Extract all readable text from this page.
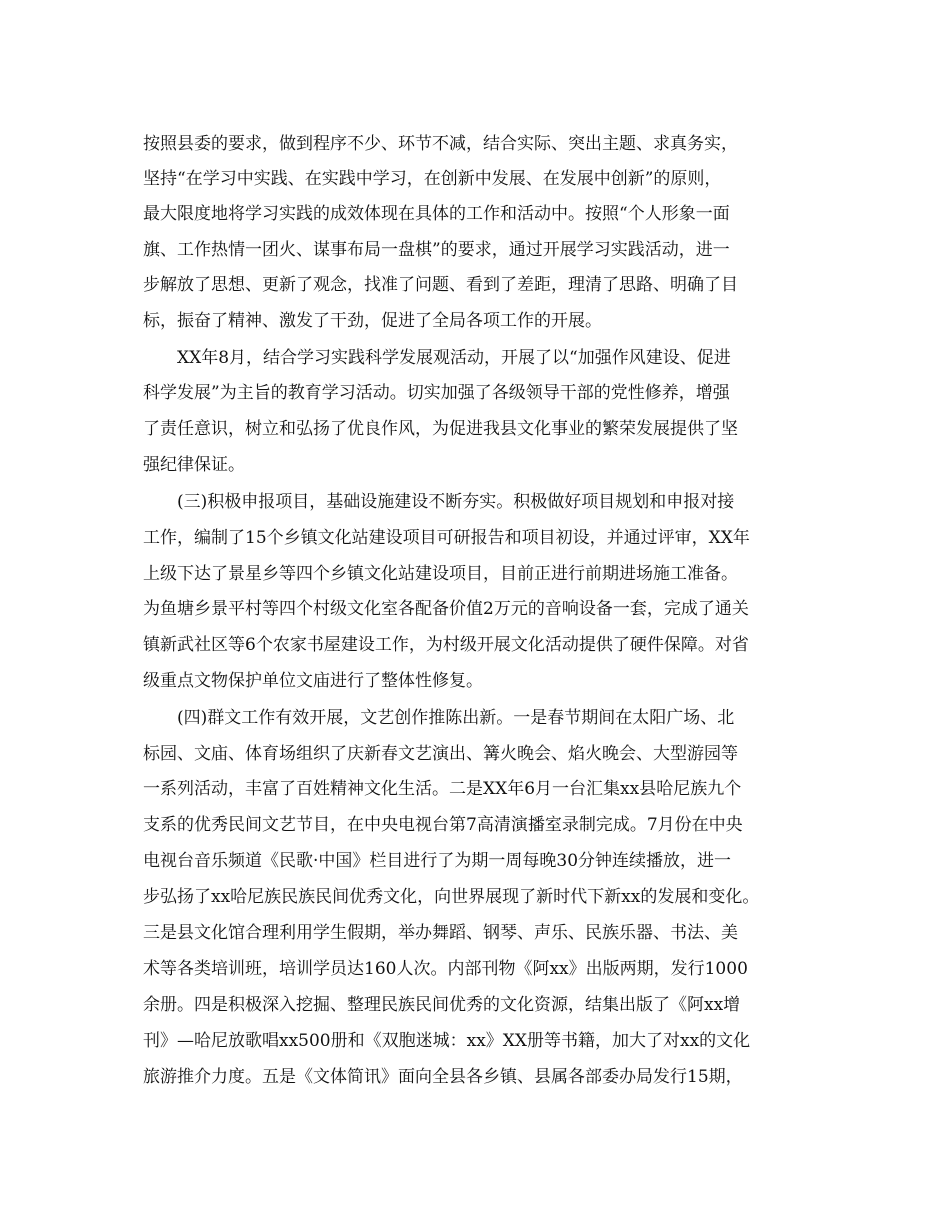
按照县委的要求，做到程序不少、环节不减，结合实际、突出主题、求真务实，
坚持“在学习中实践、在实践中学习，在创新中发展、在发展中创新”的原则，
最大限度地将学习实践的成效体现在具体的工作和活动中。按照“个人形象一面
旗、工作热情一团火、谋事布局一盘棋”的要求，通过开展学习实践活动，进一
步解放了思想、更新了观念，找准了问题、看到了差距，理清了思路、明确了目
标，振奋了精神、激发了干劲，促进了全局各项工作的开展。
XX年8月，结合学习实践科学发展观活动，开展了以“加强作风建设、促进
科学发展”为主旨的教育学习活动。切实加强了各级领导干部的党性修养，增强
了责任意识，树立和弘扬了优良作风，为促进我县文化事业的繁荣发展提供了坚
强纪律保证。
(三)积极申报项目，基础设施建设不断夯实。积极做好项目规划和申报对接
工作，编制了15个乡镇文化站建设项目可研报告和项目初设，并通过评审，XX年
上级下达了景星乡等四个乡镇文化站建设项目，目前正进行前期进场施工准备。
为鱼塘乡景平村等四个村级文化室各配备价值2万元的音响设备一套，完成了通关
镇新武社区等6个农家书屋建设工作，为村级开展文化活动提供了硬件保障。对省
级重点文物保护单位文庙进行了整体性修复。
(四)群文工作有效开展，文艺创作推陈出新。一是春节期间在太阳广场、北
标园、文庙、体育场组织了庆新春文艺演出、篝火晚会、焰火晚会、大型游园等
一系列活动，丰富了百姓精神文化生活。二是XX年6月一台汇集xx县哈尼族九个
支系的优秀民间文艺节目，在中央电视台第7高清演播室录制完成。7月份在中央
电视台音乐频道《民歌·中国》栏目进行了为期一周每晚30分钟连续播放，进一
步弘扬了xx哈尼族民族民间优秀文化，向世界展现了新时代下新xx的发展和变化。
三是县文化馆合理利用学生假期，举办舞蹈、钢琴、声乐、民族乐器、书法、美
术等各类培训班，培训学员达160人次。内部刊物《阿xx》出版两期，发行1000
余册。四是积极深入挖掘、整理民族民间优秀的文化资源，结集出版了《阿xx增
刊》—哈尼放歌唱xx500册和《双胞迷城：xx》XX册等书籍，加大了对xx的文化
旅游推介力度。五是《文体简讯》面向全县各乡镇、县属各部委办局发行15期，
